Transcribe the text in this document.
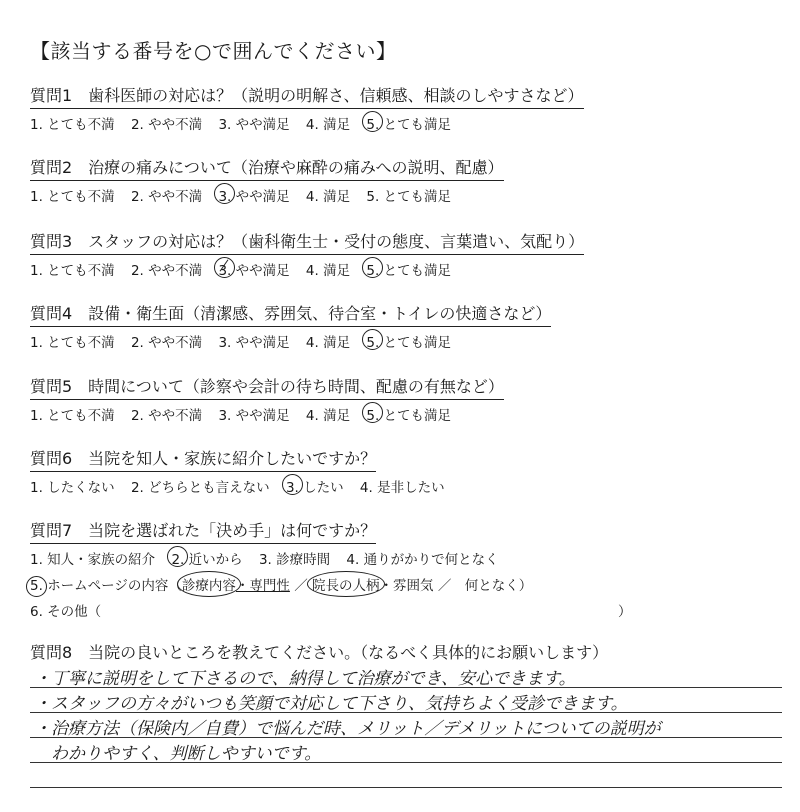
【該当する番号を○で囲んでください】
質問1　歯科医師の対応は？（説明の明解さ、信頼感、相談のしやすさなど）
1. とても不満 2. やや不満 3. やや満足 4. 満足 5. とても満足
質問2　治療の痛みについて（治療や麻酔の痛みへの説明、配慮）
1. とても不満 2. やや不満 3. やや満足 4. 満足 5. とても満足
質問3　スタッフの対応は？（歯科衛生士・受付の態度、言葉遣い、気配り）
1. とても不満 2. やや不満 3. やや満足 4. 満足 5. とても満足
質問4　設備・衛生面（清潔感、雰囲気、待合室・トイレの快適さなど）
1. とても不満 2. やや不満 3. やや満足 4. 満足 5. とても満足
質問5　時間について（診察や会計の待ち時間、配慮の有無など）
1. とても不満 2. やや不満 3. やや満足 4. 満足 5. とても満足
質問6　当院を知人・家族に紹介したいですか？
1. したくない 2. どちらとも言えない 3. したい 4. 是非したい
質問7　当院を選ばれた「決め手」は何ですか？
1. 知人・家族の紹介 2. 近いから 3. 診療時間 4. 通りがかりで何となく
5. ホームページの内容（
診療内容・専門性 ／ 院長の人柄・雰囲気 ／　何となく）
6. その他（	）
質問8　当院の良いところを教えてください。（なるべく具体的にお願いします）
・丁寧に説明をして下さるので、納得して治療ができ、安心できます。
・スタッフの方々がいつも笑顔で対応して下さり、気持ちよく受診できます。
・治療方法（保険内／自費）で悩んだ時、メリット／デメリットについての説明が
　わかりやすく、判断しやすいです。
